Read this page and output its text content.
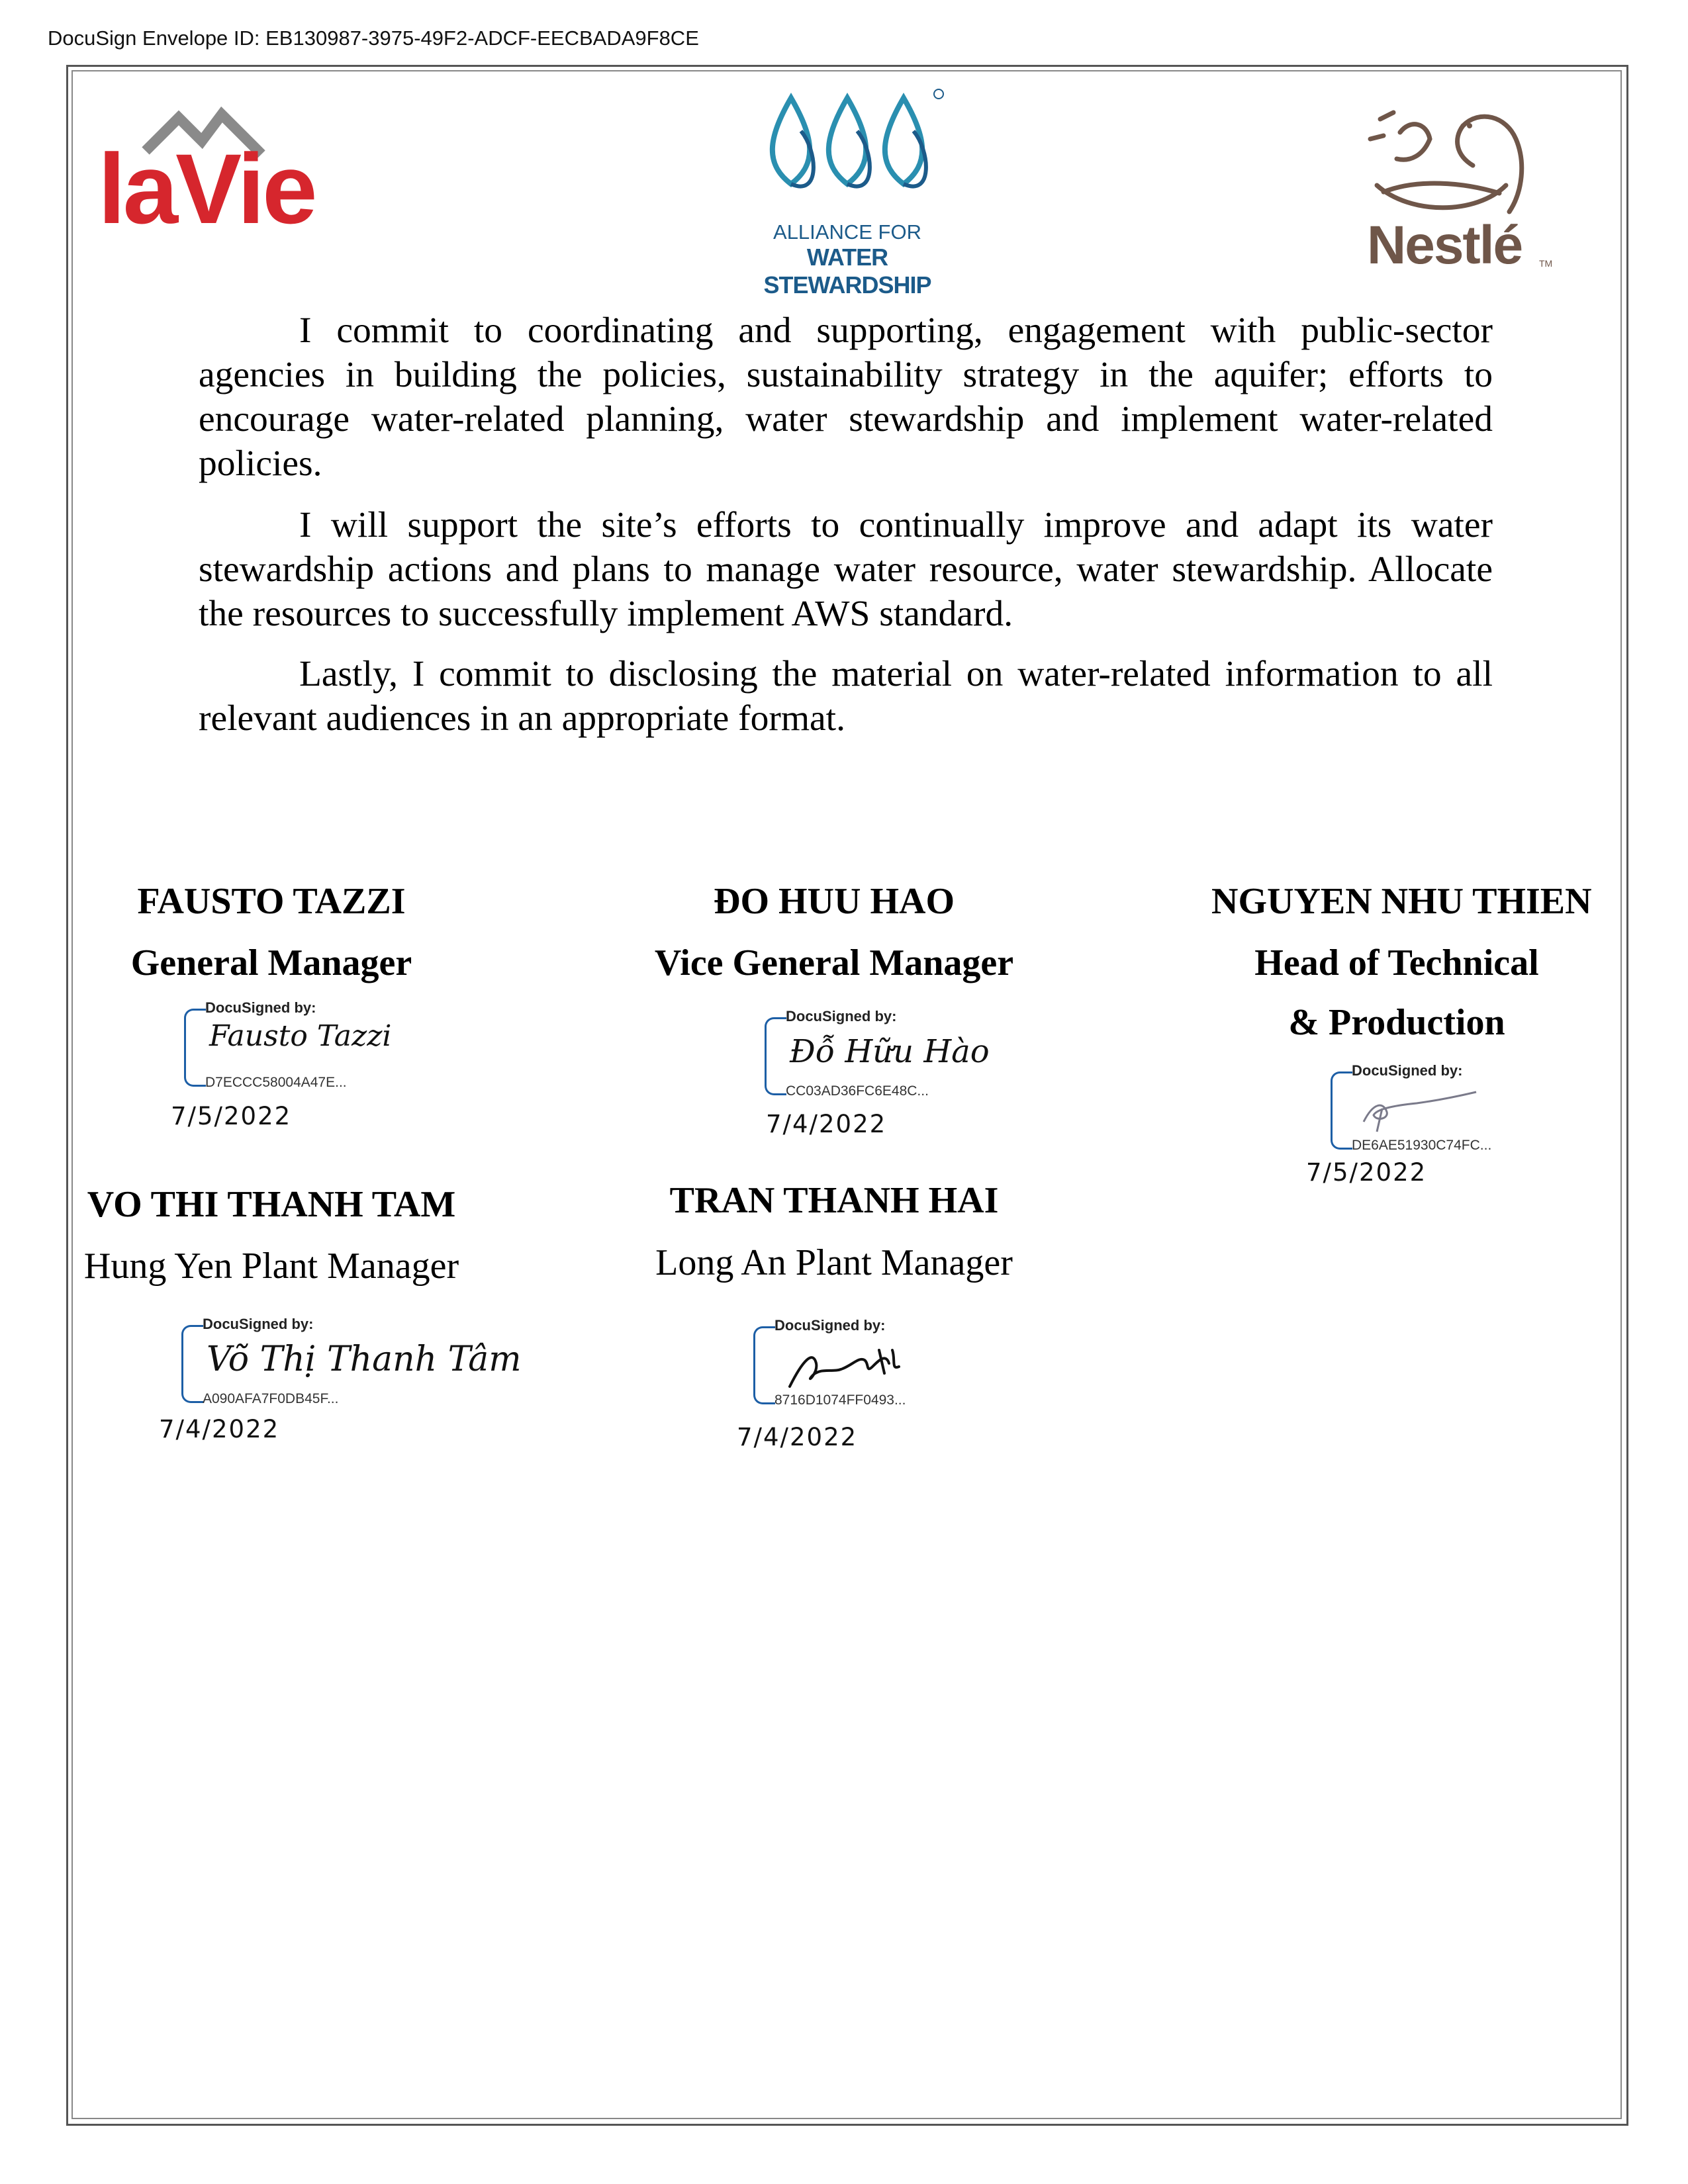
DocuSign Envelope ID: EB130987-3975-49F2-ADCF-EECBADA9F8CE
laVie	ALLIANCE FOR
WATER STEWARDSHIP
Nestlé TM
I commit to coordinating and supporting, engagement with public-sector agencies in building the policies, sustainability strategy in the aquifer; efforts to encourage water-related planning, water stewardship and implement water-related policies.
I will support the site’s efforts to continually improve and adapt its water stewardship actions and plans to manage water resource, water stewardship. Allocate the resources to successfully implement AWS standard.
Lastly, I commit to disclosing the material on water-related information to all relevant audiences in an appropriate format.
FAUSTO TAZZI
General Manager
DocuSigned by:
Fausto Tazzi
D7ECCC58004A47E...
7/5/2022
ĐO HUU HAO
Vice General Manager
DocuSigned by:
Đỗ Hữu Hào
CC03AD36FC6E48C...
7/4/2022
NGUYEN NHU THIEN
Head of Technical
& Production
DocuSigned by:
DE6AE51930C74FC...
7/5/2022
VO THI THANH TAM
Hung Yen Plant Manager
DocuSigned by:
Võ Thị Thanh Tâm
A090AFA7F0DB45F...
7/4/2022
TRAN THANH HAI
Long An Plant Manager
DocuSigned by:
8716D1074FF0493...
7/4/2022
